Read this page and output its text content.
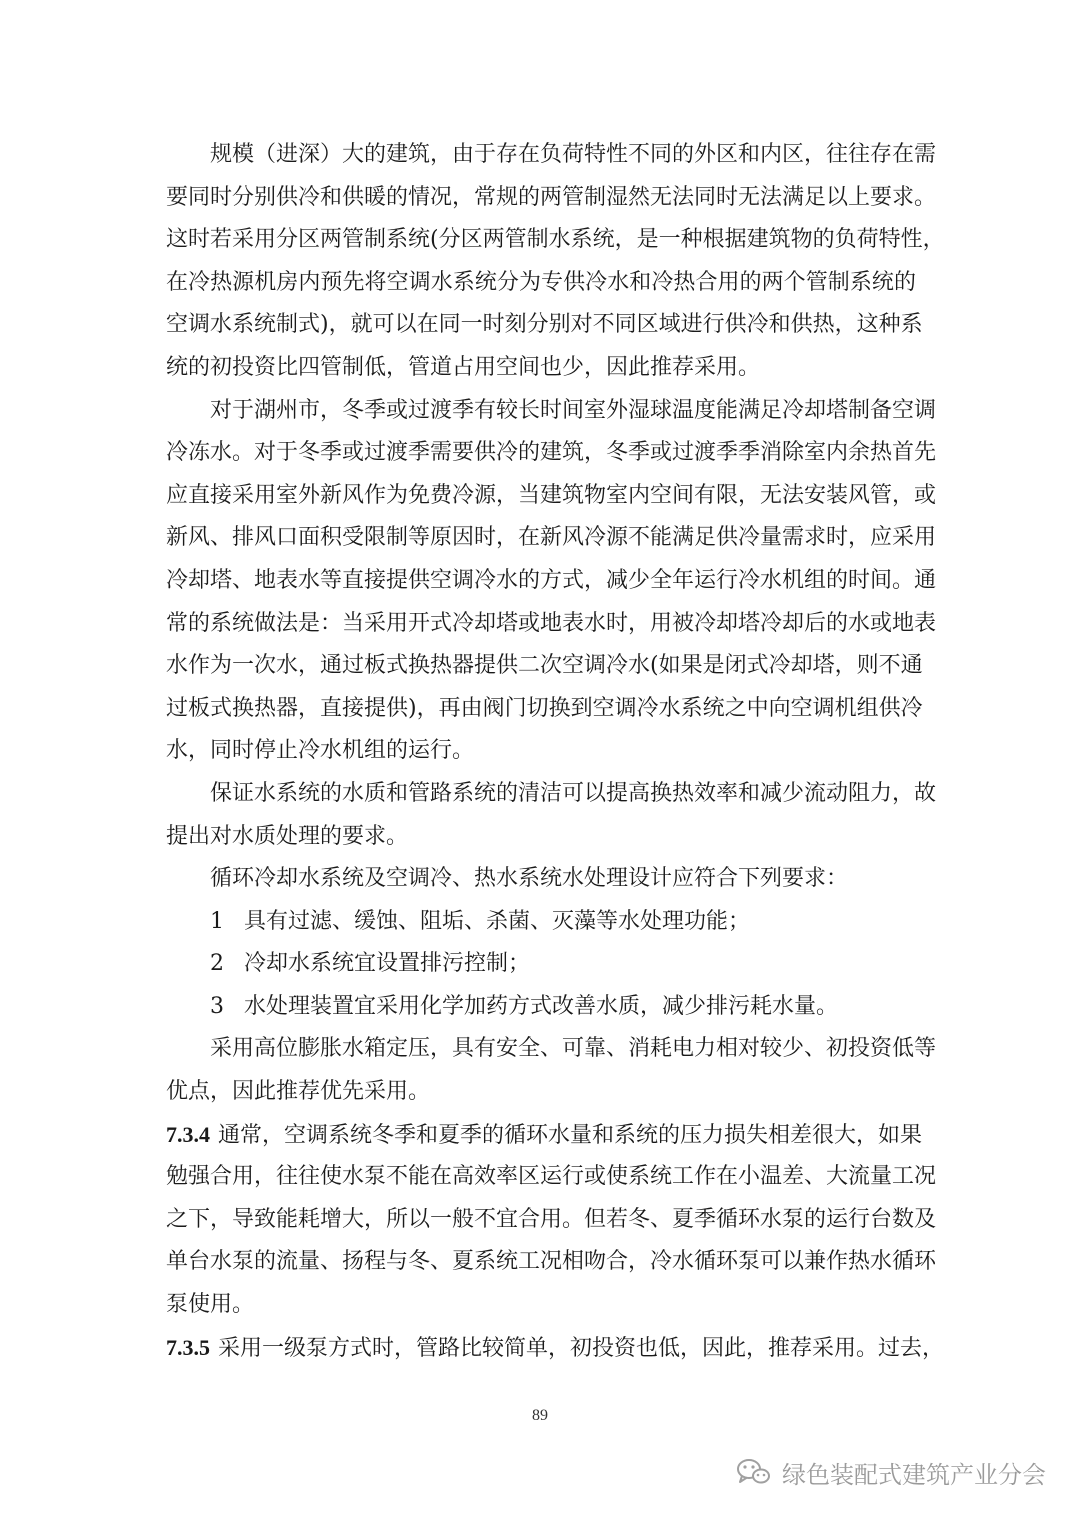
规模（进深）大的建筑，由于存在负荷特性不同的外区和内区，往往存在需
要同时分别供冷和供暖的情况，常规的两管制湿然无法同时无法满足以上要求。
这时若采用分区两管制系统(分区两管制水系统，是一种根据建筑物的负荷特性，
在冷热源机房内预先将空调水系统分为专供冷水和冷热合用的两个管制系统的
空调水系统制式)，就可以在同一时刻分别对不同区域进行供冷和供热，这种系
统的初投资比四管制低，管道占用空间也少，因此推荐采用。
对于湖州市，冬季或过渡季有较长时间室外湿球温度能满足冷却塔制备空调
冷冻水。对于冬季或过渡季需要供冷的建筑，冬季或过渡季季消除室内余热首先
应直接采用室外新风作为免费冷源，当建筑物室内空间有限，无法安装风管，或
新风、排风口面积受限制等原因时，在新风冷源不能满足供冷量需求时，应采用
冷却塔、地表水等直接提供空调冷水的方式，减少全年运行冷水机组的时间。通
常的系统做法是：当采用开式冷却塔或地表水时，用被冷却塔冷却后的水或地表
水作为一次水，通过板式换热器提供二次空调冷水(如果是闭式冷却塔，则不通
过板式换热器，直接提供)，再由阀门切换到空调冷水系统之中向空调机组供冷
水，同时停止冷水机组的运行。
保证水系统的水质和管路系统的清洁可以提高换热效率和减少流动阻力，故
提出对水质处理的要求。
循环冷却水系统及空调冷、热水系统水处理设计应符合下列要求：
1 具有过滤、缓蚀、阻垢、杀菌、灭藻等水处理功能；
2 冷却水系统宜设置排污控制；
3 水处理装置宜采用化学加药方式改善水质，减少排污耗水量。
采用高位膨胀水箱定压，具有安全、可靠、消耗电力相对较少、初投资低等
优点，因此推荐优先采用。
7.3.4 通常，空调系统冬季和夏季的循环水量和系统的压力损失相差很大，如果
勉强合用，往往使水泵不能在高效率区运行或使系统工作在小温差、大流量工况
之下，导致能耗增大，所以一般不宜合用。但若冬、夏季循环水泵的运行台数及
单台水泵的流量、扬程与冬、夏系统工况相吻合，冷水循环泵可以兼作热水循环
泵使用。
7.3.5 采用一级泵方式时，管路比较简单，初投资也低，因此，推荐采用。过去，
89
绿色装配式建筑产业分会
